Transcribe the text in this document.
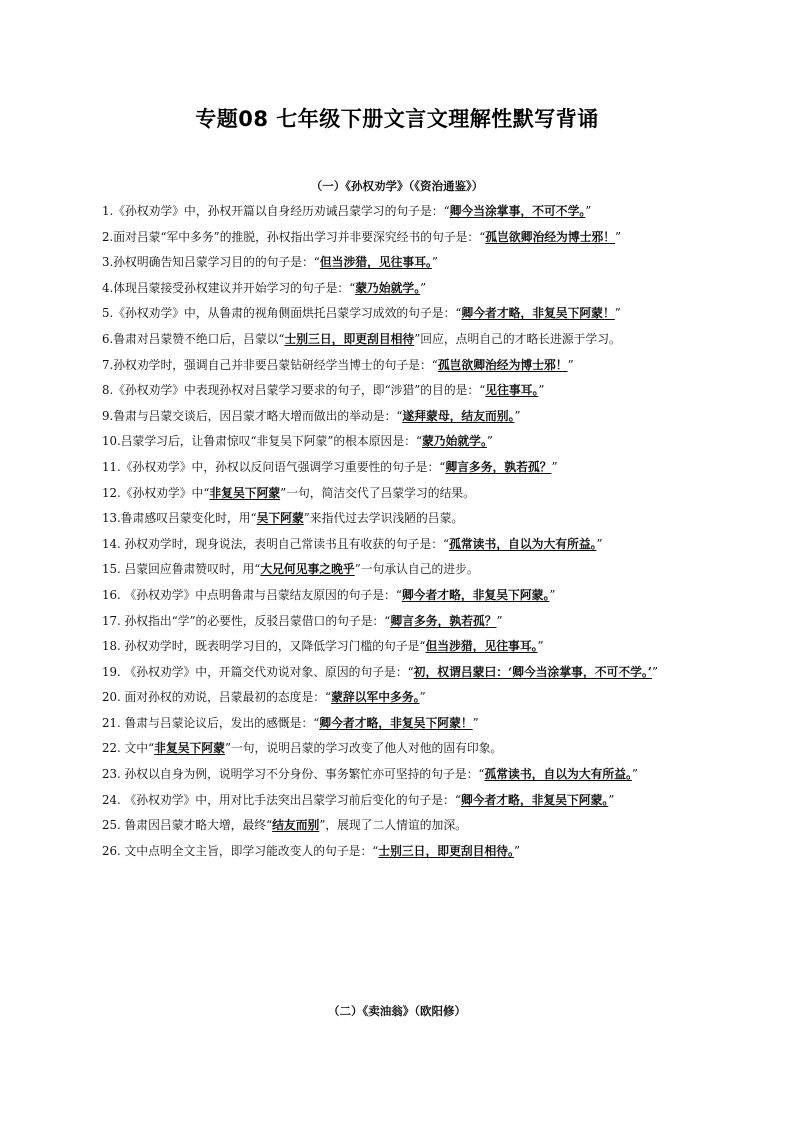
专题08 七年级下册文言文理解性默写背诵
（一）《孙权劝学》（《资治通鉴》）
1.《孙权劝学》中，孙权开篇以自身经历劝诫吕蒙学习的句子是：“卿今当涂掌事，不可不学。”
2.面对吕蒙“军中多务”的推脱，孙权指出学习并非要深究经书的句子是：“孤岂欲卿治经为博士邪！”
3.孙权明确告知吕蒙学习目的的句子是：“但当涉猎，见往事耳。”
4.体现吕蒙接受孙权建议并开始学习的句子是：“蒙乃始就学。”
5.《孙权劝学》中，从鲁肃的视角侧面烘托吕蒙学习成效的句子是：“卿今者才略，非复吴下阿蒙！”
6.鲁肃对吕蒙赞不绝口后，吕蒙以“士别三日，即更刮目相待”回应，点明自己的才略长进源于学习。
7.孙权劝学时，强调自己并非要吕蒙钻研经学当博士的句子是：“孤岂欲卿治经为博士邪！”
8.《孙权劝学》中表现孙权对吕蒙学习要求的句子，即“涉猎”的目的是：“见往事耳。”
9.鲁肃与吕蒙交谈后，因吕蒙才略大增而做出的举动是：“遂拜蒙母，结友而别。”
10.吕蒙学习后，让鲁肃惊叹“非复吴下阿蒙”的根本原因是：“蒙乃始就学。”
11.《孙权劝学》中，孙权以反问语气强调学习重要性的句子是：“卿言多务，孰若孤？”
12.《孙权劝学》中“非复吴下阿蒙”一句，简洁交代了吕蒙学习的结果。
13.鲁肃感叹吕蒙变化时，用“吴下阿蒙”来指代过去学识浅陋的吕蒙。
14. 孙权劝学时，现身说法，表明自己常读书且有收获的句子是：“孤常读书，自以为大有所益。”
15. 吕蒙回应鲁肃赞叹时，用“大兄何见事之晚乎”一句承认自己的进步。
16. 《孙权劝学》中点明鲁肃与吕蒙结友原因的句子是：“卿今者才略，非复吴下阿蒙。”
17. 孙权指出“学”的必要性，反驳吕蒙借口的句子是：“卿言多务，孰若孤？”
18. 孙权劝学时，既表明学习目的，又降低学习门槛的句子是“但当涉猎，见往事耳。”
19. 《孙权劝学》中，开篇交代劝说对象、原因的句子是：“初，权谓吕蒙曰：‘卿今当涂掌事，不可不学。’”
20. 面对孙权的劝说，吕蒙最初的态度是：“蒙辞以军中多务。”
21. 鲁肃与吕蒙论议后，发出的感慨是：“卿今者才略，非复吴下阿蒙！”
22. 文中“非复吴下阿蒙”一句，说明吕蒙的学习改变了他人对他的固有印象。
23. 孙权以自身为例，说明学习不分身份、事务繁忙亦可坚持的句子是：“孤常读书，自以为大有所益。”
24. 《孙权劝学》中，用对比手法突出吕蒙学习前后变化的句子是：“卿今者才略，非复吴下阿蒙。”
25. 鲁肃因吕蒙才略大增，最终“结友而别”，展现了二人情谊的加深。
26. 文中点明全文主旨，即学习能改变人的句子是：“士别三日，即更刮目相待。”
（二）《卖油翁》（欧阳修）
